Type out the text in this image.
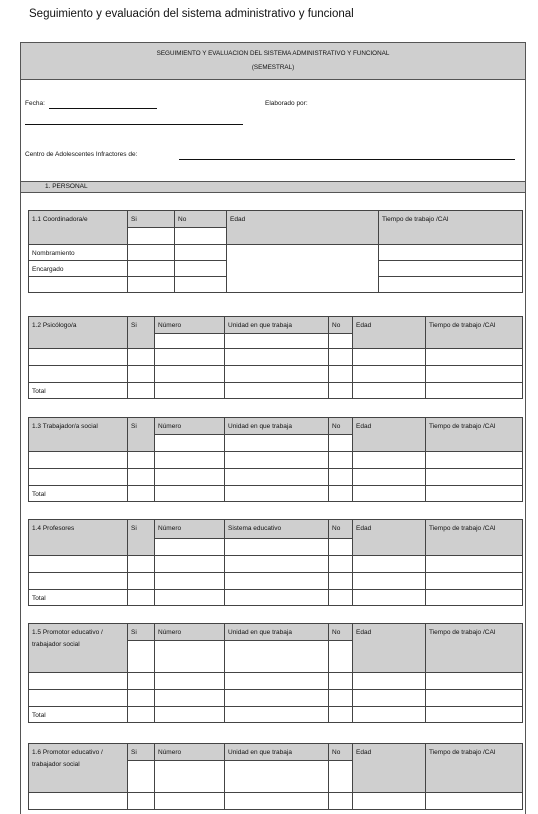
Seguimiento y evaluación del sistema administrativo y funcional
SEGUIMIENTO Y EVALUACION DEL SISTEMA ADMINISTRATIVO Y FUNCIONAL
(SEMESTRAL)
Fecha:	Elaborado por:
Centro de Adolescentes Infractores de:
1. PERSONAL
1.1 Coordinadora/e	Si	No	Edad	Tiempo de trabajo /CAI

Nombramiento				
Encargado				

1.2 Psicólogo/a	Si	Número	Unidad en que trabaja	No	Edad	Tiempo de trabajo /CAI

Total						
1.3 Trabajador/a social	Si	Número	Unidad en que trabaja	No	Edad	Tiempo de trabajo /CAI

Total						
1.4 Profesores	Si	Número	Sistema educativo	No	Edad	Tiempo de trabajo /CAI

Total						
1.5 Promotor educativo / trabajador social	Si	Número	Unidad en que trabaja	No	Edad	Tiempo de trabajo /CAI

Total						
1.6 Promotor educativo / trabajador social	Si	Número	Unidad en que trabaja	No	Edad	Tiempo de trabajo /CAI
